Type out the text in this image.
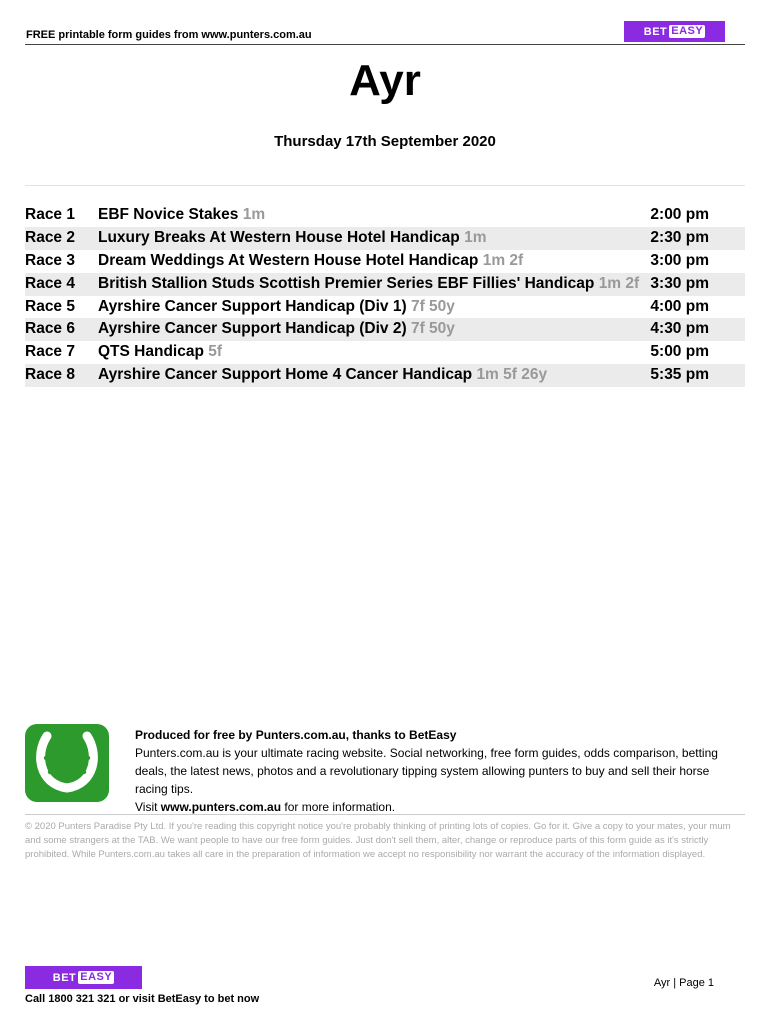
FREE printable form guides from www.punters.com.au	BET EASY
Ayr
Thursday 17th September 2020
Race 1 EBF Novice Stakes 1m	2:00 pm
Race 2 Luxury Breaks At Western House Hotel Handicap 1m	2:30 pm
Race 3 Dream Weddings At Western House Hotel Handicap 1m 2f	3:00 pm
Race 4 British Stallion Studs Scottish Premier Series EBF Fillies' Handicap 1m 2f 3:30 pm
Race 5 Ayrshire Cancer Support Handicap (Div 1) 7f 50y	4:00 pm
Race 6 Ayrshire Cancer Support Handicap (Div 2) 7f 50y	4:30 pm
Race 7 QTS Handicap 5f	5:00 pm
Race 8 Ayrshire Cancer Support Home 4 Cancer Handicap 1m 5f 26y	5:35 pm
Produced for free by Punters.com.au, thanks to BetEasy
Punters.com.au is your ultimate racing website. Social networking, free form guides, odds comparison, betting deals, the latest news, photos and a revolutionary tipping system allowing punters to buy and sell their horse racing tips.
Visit www.punters.com.au for more information.
© 2020 Punters Paradise Pty Ltd. If you're reading this copyright notice you're probably thinking of printing lots of copies. Go for it. Give a copy to your mates, your mum and some strangers at the TAB. We want people to have our free form guides. Just don't sell them, alter, change or reproduce parts of this form guide as it's strictly prohibited. While Punters.com.au takes all care in the preparation of information we accept no responsibility nor warrant the accuracy of the information displayed.
BET EASY	Ayr | Page 1
Call 1800 321 321 or visit BetEasy to bet now
